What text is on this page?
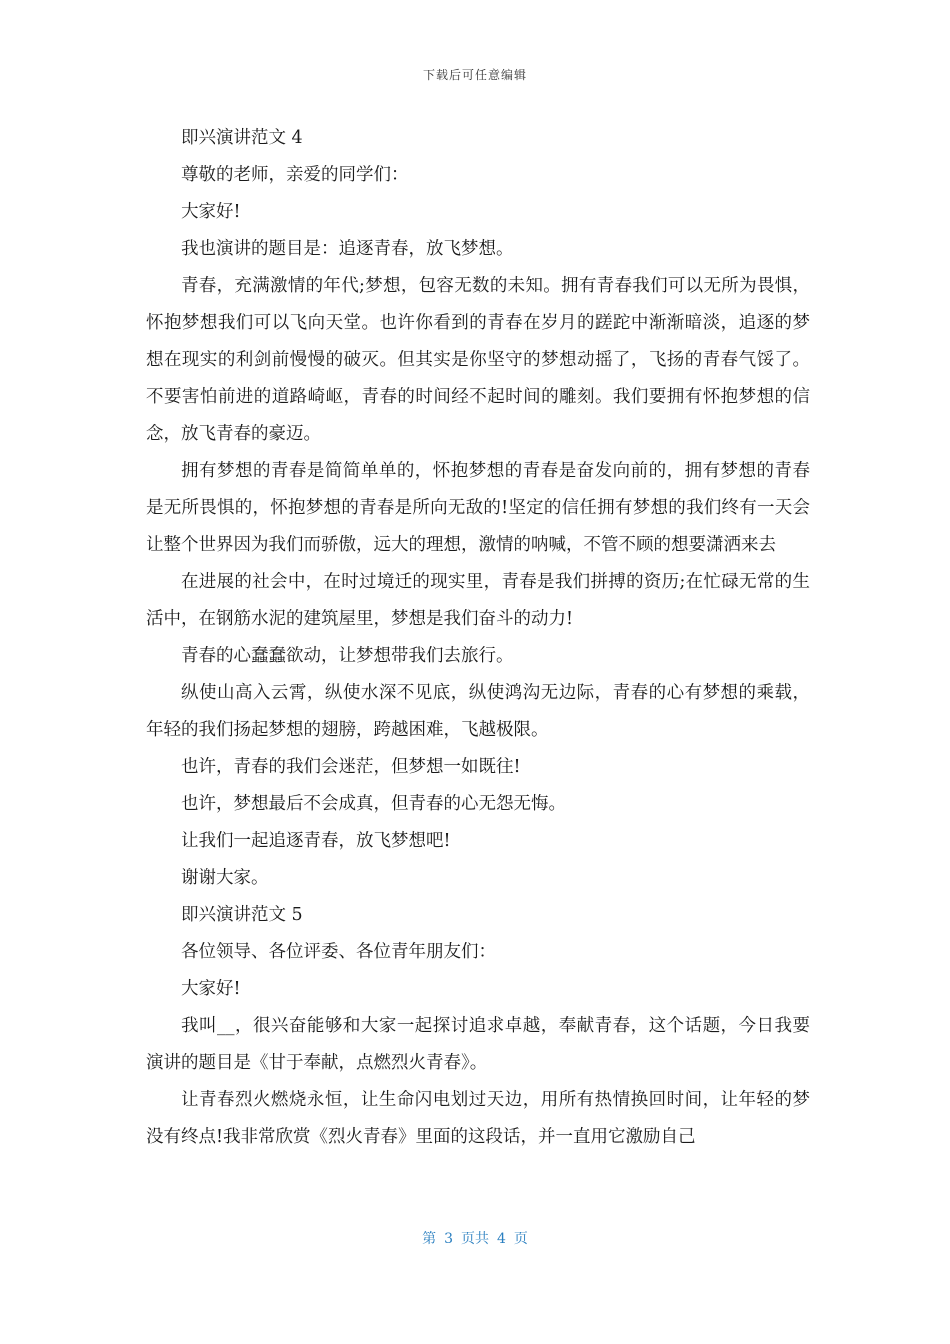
下载后可任意编辑

即兴演讲范文 4

尊敬的老师，亲爱的同学们：

大家好!

我也演讲的题目是：追逐青春，放飞梦想。

青春，充满激情的年代;梦想，包容无数的未知。拥有青春我们可以无所为畏惧，怀抱梦想我们可以飞向天堂。也许你看到的青春在岁月的蹉跎中渐渐暗淡，追逐的梦想在现实的利剑前慢慢的破灭。但其实是你坚守的梦想动摇了，飞扬的青春气馁了。不要害怕前进的道路崎岖，青春的时间经不起时间的雕刻。我们要拥有怀抱梦想的信念，放飞青春的豪迈。

拥有梦想的青春是简简单单的，怀抱梦想的青春是奋发向前的，拥有梦想的青春是无所畏惧的，怀抱梦想的青春是所向无敌的!坚定的信任拥有梦想的我们终有一天会让整个世界因为我们而骄傲，远大的理想，激情的呐喊，不管不顾的想要潇洒来去

在进展的社会中，在时过境迁的现实里，青春是我们拼搏的资历;在忙碌无常的生活中，在钢筋水泥的建筑屋里，梦想是我们奋斗的动力!

青春的心蠢蠢欲动，让梦想带我们去旅行。

纵使山高入云霄，纵使水深不见底，纵使鸿沟无边际，青春的心有梦想的乘载，年轻的我们扬起梦想的翅膀，跨越困难，飞越极限。

也许，青春的我们会迷茫，但梦想一如既往!

也许，梦想最后不会成真，但青春的心无怨无悔。

让我们一起追逐青春，放飞梦想吧!

谢谢大家。

即兴演讲范文 5

各位领导、各位评委、各位青年朋友们：

大家好!

我叫__，很兴奋能够和大家一起探讨追求卓越，奉献青春，这个话题，今日我要演讲的题目是《甘于奉献，点燃烈火青春》。

让青春烈火燃烧永恒，让生命闪电划过天边，用所有热情换回时间，让年轻的梦没有终点!我非常欣赏《烈火青春》里面的这段话，并一直用它激励自己

第 3 页共 4 页
